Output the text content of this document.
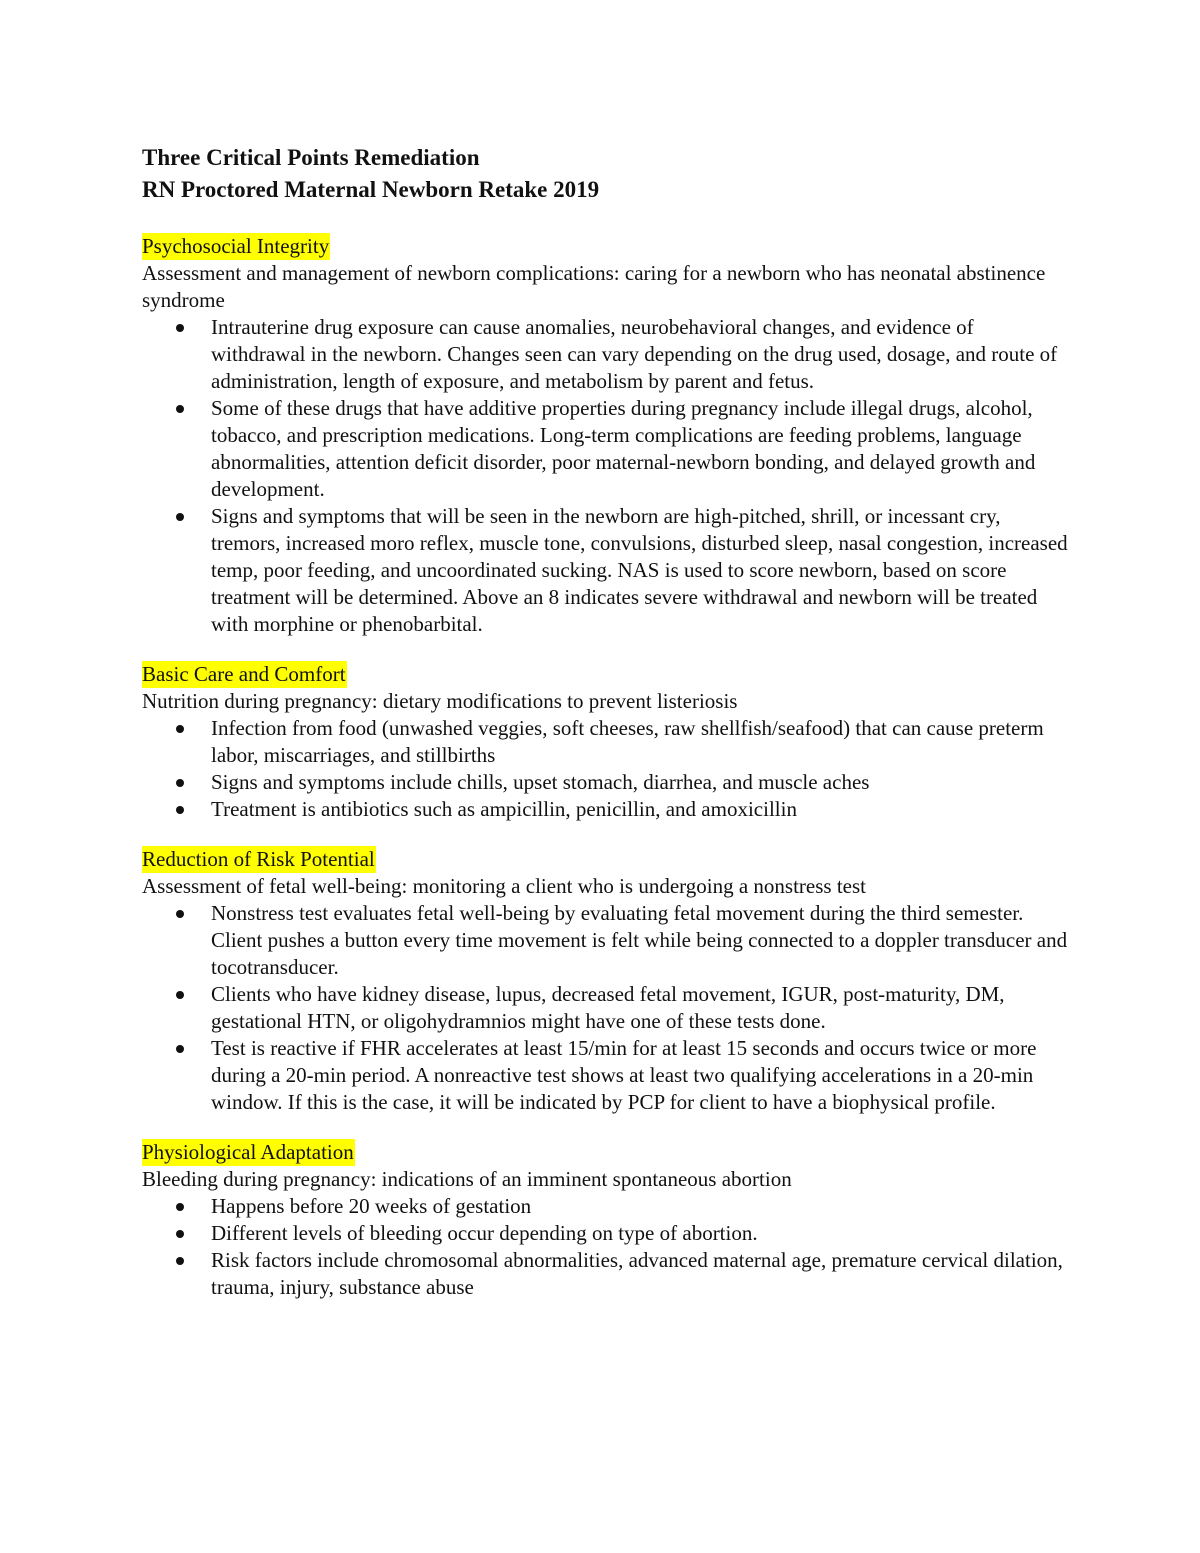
Three Critical Points Remediation

RN Proctored Maternal Newborn Retake 2019

Psychosocial Integrity

Assessment and management of newborn complications: caring for a newborn who has neonatal abstinence syndrome

Intrauterine drug exposure can cause anomalies, neurobehavioral changes, and evidence of withdrawal in the newborn. Changes seen can vary depending on the drug used, dosage, and route of administration, length of exposure, and metabolism by parent and fetus.
Some of these drugs that have additive properties during pregnancy include illegal drugs, alcohol, tobacco, and prescription medications. Long-term complications are feeding problems, language abnormalities, attention deficit disorder, poor maternal-newborn bonding, and delayed growth and development.
Signs and symptoms that will be seen in the newborn are high-pitched, shrill, or incessant cry, tremors, increased moro reflex, muscle tone, convulsions, disturbed sleep, nasal congestion, increased temp, poor feeding, and uncoordinated sucking. NAS is used to score newborn, based on score treatment will be determined. Above an 8 indicates severe withdrawal and newborn will be treated with morphine or phenobarbital.

Basic Care and Comfort

Nutrition during pregnancy: dietary modifications to prevent listeriosis

Infection from food (unwashed veggies, soft cheeses, raw shellfish/seafood) that can cause preterm labor, miscarriages, and stillbirths
Signs and symptoms include chills, upset stomach, diarrhea, and muscle aches
Treatment is antibiotics such as ampicillin, penicillin, and amoxicillin

Reduction of Risk Potential

Assessment of fetal well-being: monitoring a client who is undergoing a nonstress test

Nonstress test evaluates fetal well-being by evaluating fetal movement during the third semester. Client pushes a button every time movement is felt while being connected to a doppler transducer and tocotransducer.
Clients who have kidney disease, lupus, decreased fetal movement, IGUR, post-maturity, DM, gestational HTN, or oligohydramnios might have one of these tests done.
Test is reactive if FHR accelerates at least 15/min for at least 15 seconds and occurs twice or more during a 20-min period. A nonreactive test shows at least two qualifying accelerations in a 20-min window. If this is the case, it will be indicated by PCP for client to have a biophysical profile.

Physiological Adaptation

Bleeding during pregnancy: indications of an imminent spontaneous abortion

Happens before 20 weeks of gestation
Different levels of bleeding occur depending on type of abortion.
Risk factors include chromosomal abnormalities, advanced maternal age, premature cervical dilation, trauma, injury, substance abuse
